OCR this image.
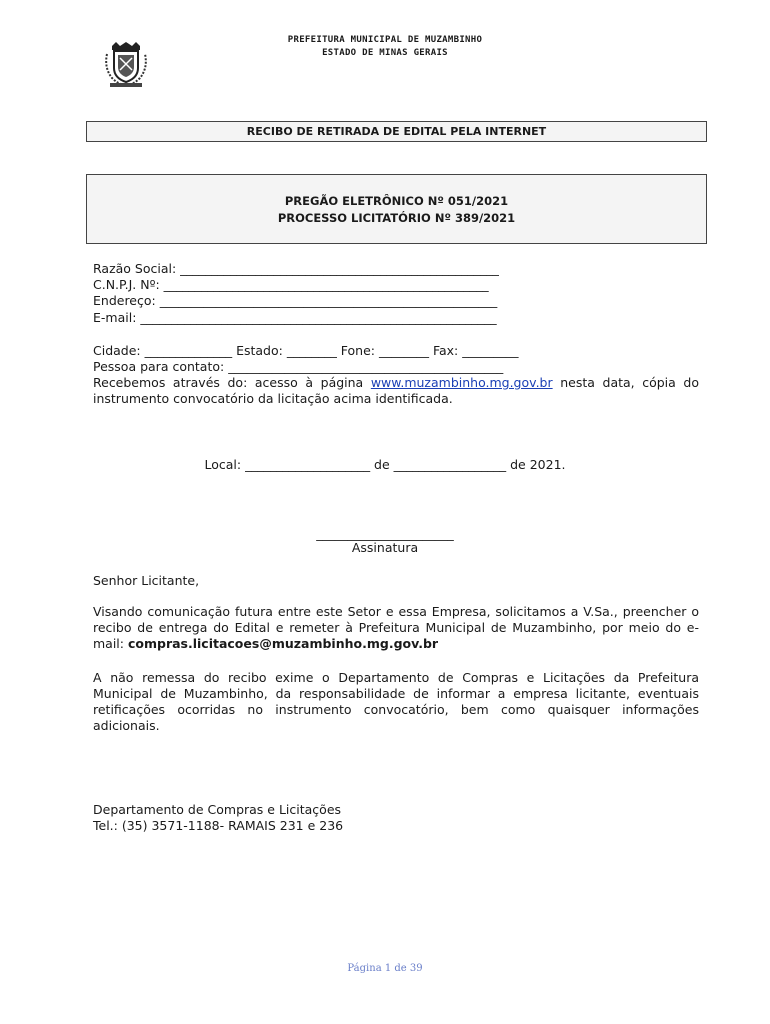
PREFEITURA MUNICIPAL DE MUZAMBINHO
ESTADO DE MINAS GERAIS
RECIBO DE RETIRADA DE EDITAL PELA INTERNET
PREGÃO ELETRÔNICO Nº 051/2021
PROCESSO LICITATÓRIO Nº 389/2021
Razão Social: ___________________________________________________
C.N.P.J. Nº: ____________________________________________________
Endereço: ______________________________________________________
E-mail: _________________________________________________________
Cidade: ______________ Estado: ________ Fone: ________ Fax: _________
Pessoa para contato: ____________________________________________
Recebemos através do: acesso à página www.muzambinho.mg.gov.br nesta data, cópia do instrumento convocatório da licitação acima identificada.
Local: ____________________ de __________________ de 2021.
______________________
Assinatura
Senhor Licitante,
Visando comunicação futura entre este Setor e essa Empresa, solicitamos a V.Sa., preencher o recibo de entrega do Edital e remeter à Prefeitura Municipal de Muzambinho, por meio do e-mail: compras.licitacoes@muzambinho.mg.gov.br
A não remessa do recibo exime o Departamento de Compras e Licitações da Prefeitura Municipal de Muzambinho, da responsabilidade de informar a empresa licitante, eventuais retificações ocorridas no instrumento convocatório, bem como quaisquer informações adicionais.
Departamento de Compras e Licitações
Tel.: (35) 3571-1188- RAMAIS 231 e 236
Página 1 de 39
